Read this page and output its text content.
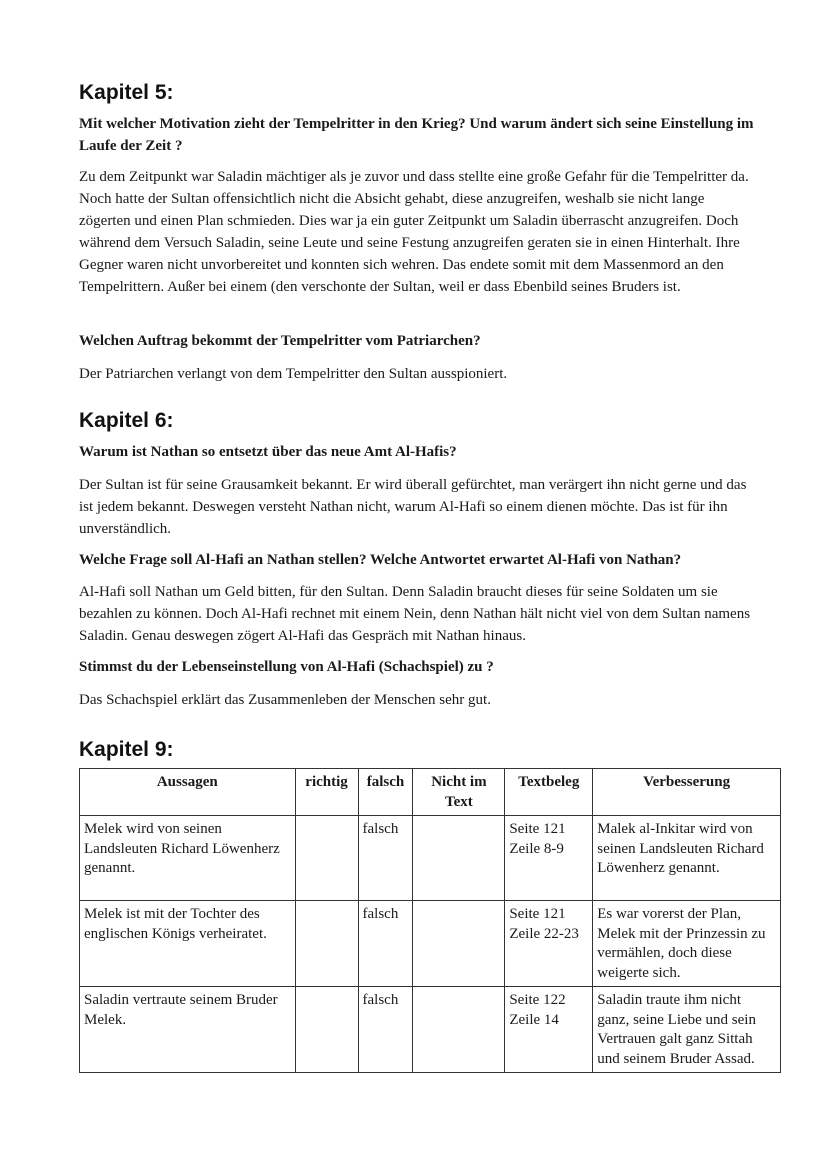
Kapitel 5:

Mit welcher Motivation zieht der Tempelritter in den Krieg? Und warum ändert sich seine Einstellung im Laufe der Zeit ?

Zu dem Zeitpunkt war Saladin mächtiger als je zuvor und dass stellte eine große Gefahr für die Tempelritter da. Noch hatte der Sultan offensichtlich nicht die Absicht gehabt, diese anzugreifen, weshalb sie nicht lange zögerten und einen Plan schmieden. Dies war ja ein guter Zeitpunkt um Saladin überrascht anzugreifen. Doch während dem Versuch Saladin, seine Leute und seine Festung anzugreifen geraten sie in einen Hinterhalt. Ihre Gegner waren nicht unvorbereitet und konnten sich wehren. Das endete somit mit dem Massenmord an den Tempelrittern. Außer bei einem (den verschonte der Sultan, weil er dass Ebenbild seines Bruders ist.

Welchen Auftrag bekommt der Tempelritter vom Patriarchen?

Der Patriarchen verlangt von dem Tempelritter den Sultan ausspioniert.

Kapitel 6:

Warum ist Nathan so entsetzt über das neue Amt Al-Hafis?

Der Sultan ist für seine Grausamkeit bekannt. Er wird überall gefürchtet, man verärgert ihn nicht gerne und das ist jedem bekannt. Deswegen versteht Nathan nicht, warum Al-Hafi so einem dienen möchte. Das ist für ihn unverständlich.

Welche Frage soll Al-Hafi an Nathan stellen? Welche Antwortet erwartet Al-Hafi von Nathan?

Al-Hafi soll Nathan um Geld bitten, für den Sultan. Denn Saladin braucht dieses für seine Soldaten um sie bezahlen zu können. Doch Al-Hafi rechnet mit einem Nein, denn Nathan hält nicht viel von dem Sultan namens Saladin. Genau deswegen zögert Al-Hafi das Gespräch mit Nathan hinaus.

Stimmst du der Lebenseinstellung von Al-Hafi (Schachspiel) zu ?

Das Schachspiel erklärt das Zusammenleben der Menschen sehr gut.

Kapitel 9:
Aussagen	richtig	falsch	Nicht im Text	Textbeleg	Verbesserung
Melek wird von seinen Landsleuten Richard Löwenherz genannt.		falsch		Seite 121 Zeile 8-9	Malek al-Inkitar wird von seinen Landsleuten Richard Löwenherz genannt.
Melek ist mit der Tochter des englischen Königs verheiratet.		falsch		Seite 121 Zeile 22-23	Es war vorerst der Plan, Melek mit der Prinzessin zu vermählen, doch diese weigerte sich.
Saladin vertraute seinem Bruder Melek.		falsch		Seite 122 Zeile 14	Saladin traute ihm nicht ganz, seine Liebe und sein Vertrauen galt ganz Sittah und seinem Bruder Assad.
